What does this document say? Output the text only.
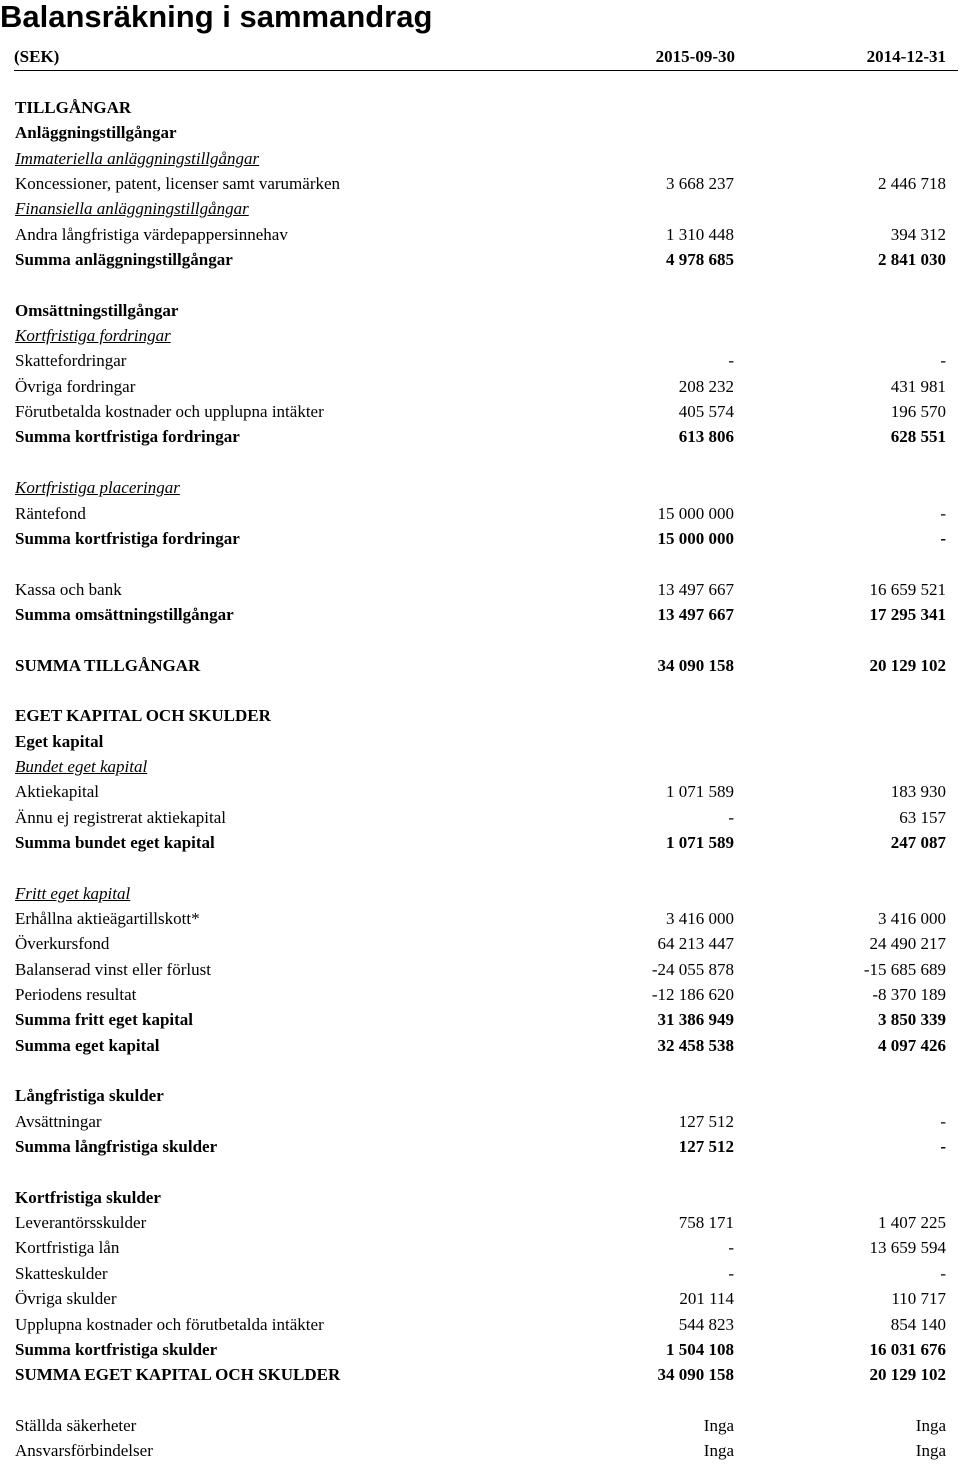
Balansräkning i sammandrag
(SEK)	2015-09-30	2014-12-31
TILLGÅNGAR
Anläggningstillgångar
Immateriella anläggningstillgångar
Koncessioner, patent, licenser samt varumärken	3 668 237	2 446 718
Finansiella anläggningstillgångar
Andra långfristiga värdepappersinnehav	1 310 448	394 312
Summa anläggningstillgångar	4 978 685	2 841 030
Omsättningstillgångar
Kortfristiga fordringar
Skattefordringar	-	-
Övriga fordringar	208 232	431 981
Förutbetalda kostnader och upplupna intäkter	405 574	196 570
Summa kortfristiga fordringar	613 806	628 551
Kortfristiga placeringar
Räntefond	15 000 000	-
Summa kortfristiga fordringar	15 000 000	-
Kassa och bank	13 497 667	16 659 521
Summa omsättningstillgångar	13 497 667	17 295 341
SUMMA TILLGÅNGAR	34 090 158	20 129 102
EGET KAPITAL OCH SKULDER
Eget kapital
Bundet eget kapital
Aktiekapital	1 071 589	183 930
Ännu ej registrerat aktiekapital	-	63 157
Summa bundet eget kapital	1 071 589	247 087
Fritt eget kapital
Erhållna aktieägartillskott*	3 416 000	3 416 000
Överkursfond	64 213 447	24 490 217
Balanserad vinst eller förlust	-24 055 878	-15 685 689
Periodens resultat	-12 186 620	-8 370 189
Summa fritt eget kapital	31 386 949	3 850 339
Summa eget kapital	32 458 538	4 097 426
Långfristiga skulder
Avsättningar	127 512	-
Summa långfristiga skulder	127 512	-
Kortfristiga skulder
Leverantörsskulder	758 171	1 407 225
Kortfristiga lån	-	13 659 594
Skatteskulder	-	-
Övriga skulder	201 114	110 717
Upplupna kostnader och förutbetalda intäkter	544 823	854 140
Summa kortfristiga skulder	1 504 108	16 031 676
SUMMA EGET KAPITAL OCH SKULDER	34 090 158	20 129 102
Ställda säkerheter	Inga	Inga
Ansvarsförbindelser	Inga	Inga
